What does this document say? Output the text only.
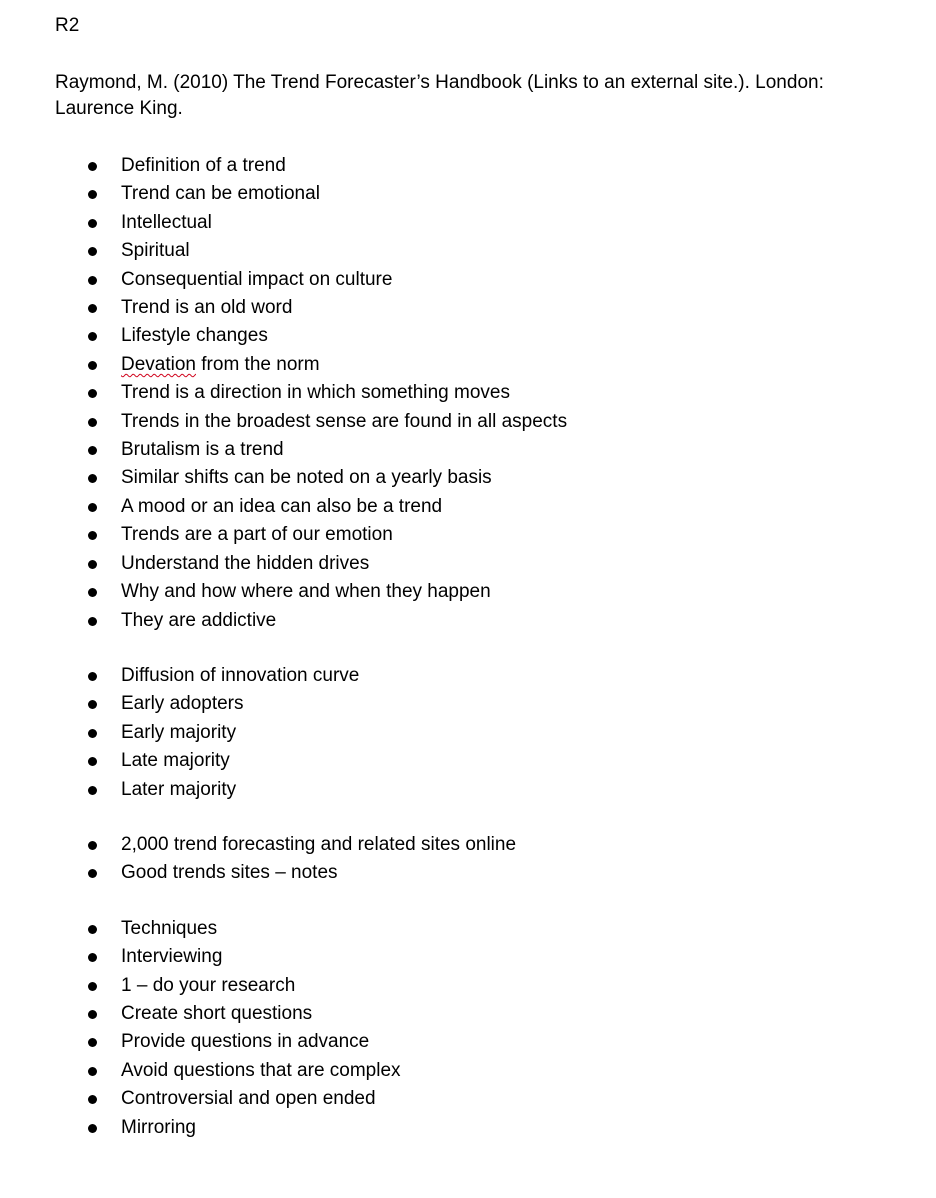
R2
Raymond, M. (2010) The Trend Forecaster’s Handbook (Links to an external site.). London: Laurence King.
Definition of a trend
Trend can be emotional
Intellectual
Spiritual
Consequential impact on culture
Trend is an old word
Lifestyle changes
Devation from the norm
Trend is a direction in which something moves
Trends in the broadest sense are found in all aspects
Brutalism is a trend
Similar shifts can be noted on a yearly basis
A mood or an idea can also be a trend
Trends are a part of our emotion
Understand the hidden drives
Why and how where and when they happen
They are addictive
Diffusion of innovation curve
Early adopters
Early majority
Late majority
Later majority
2,000 trend forecasting and related sites online
Good trends sites – notes
Techniques
Interviewing
1 – do your research
Create short questions
Provide questions in advance
Avoid questions that are complex
Controversial and open ended
Mirroring
